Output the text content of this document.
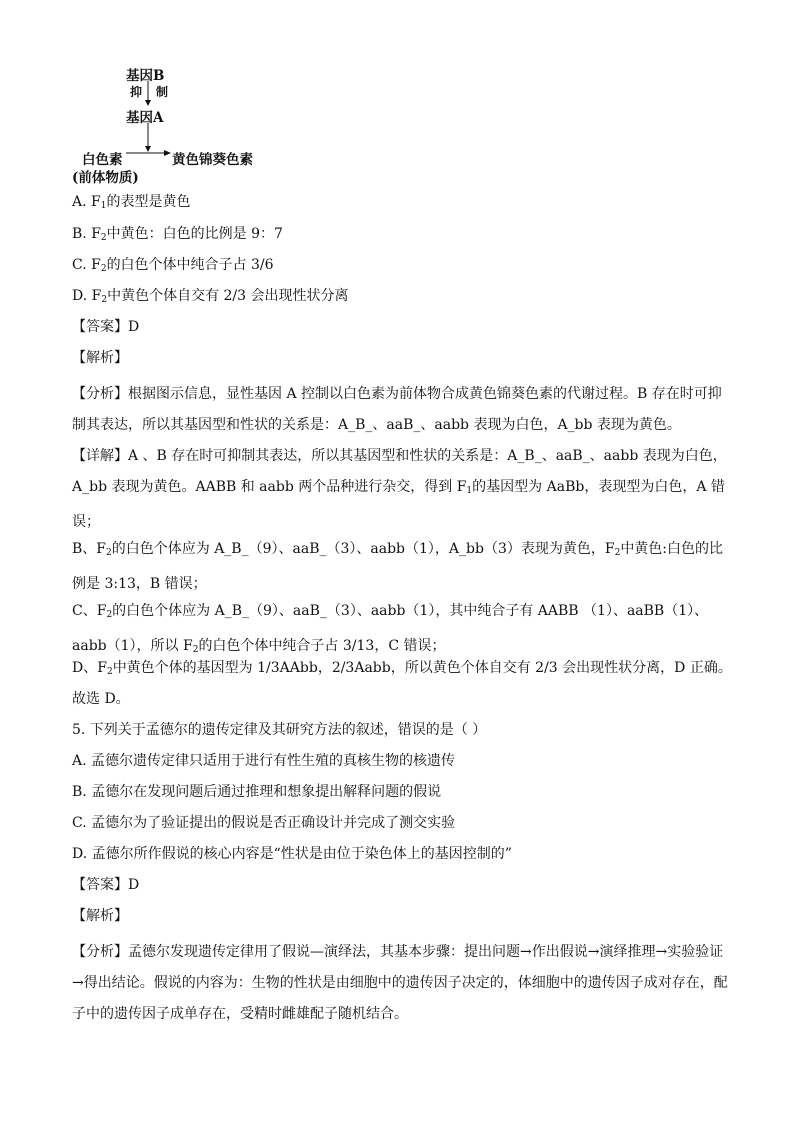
基因B
抑 制
基因A
白色素	黄色锦葵色素
(前体物质)
A. $F_1$的表型是黄色
B. $F_2$中黄色：白色的比例是 9：7
C. $F_2$的白色个体中纯合子占 3/6
D. $F_2$中黄色个体自交有 2/3 会出现性状分离
【答案】D
【解析】
【分析】根据图示信息，显性基因 A 控制以白色素为前体物合成黄色锦葵色素的代谢过程。B 存在时可抑制其表达，所以其基因型和性状的关系是：A_B_、aaB_、aabb 表现为白色，A_bb 表现为黄色。
【详解】A 、B 存在时可抑制其表达，所以其基因型和性状的关系是：A_B_、aaB_、aabb 表现为白色，A_bb 表现为黄色。AABB 和 aabb 两个品种进行杂交，得到 $F_1$的基因型为 AaBb，表现型为白色，A 错误；
B、$F_2$的白色个体应为 A_B_（9）、aaB_（3）、aabb（1），A_bb（3）表现为黄色，$F_2$中黄色:白色的比例是 3:13，B 错误；
C、$F_2$的白色个体应为 A_B_（9）、aaB_（3）、aabb（1），其中纯合子有 AABB （1）、aaBB（1）、aabb（1），所以 $F_2$的白色个体中纯合子占 3/13，C 错误；
D、$F_2$中黄色个体的基因型为 1/3AAbb，2/3Aabb，所以黄色个体自交有 2/3 会出现性状分离，D 正确。
故选 D。
5. 下列关于孟德尔的遗传定律及其研究方法的叙述，错误的是（ ）
A. 孟德尔遗传定律只适用于进行有性生殖的真核生物的核遗传
B. 孟德尔在发现问题后通过推理和想象提出解释问题的假说
C. 孟德尔为了验证提出的假说是否正确设计并完成了测交实验
D. 孟德尔所作假说的核心内容是“性状是由位于染色体上的基因控制的”
【答案】D
【解析】
【分析】孟德尔发现遗传定律用了假说—演绎法，其基本步骤：提出问题→作出假说→演绎推理→实验验证→得出结论。假说的内容为：生物的性状是由细胞中的遗传因子决定的，体细胞中的遗传因子成对存在，配子中的遗传因子成单存在，受精时雌雄配子随机结合。
